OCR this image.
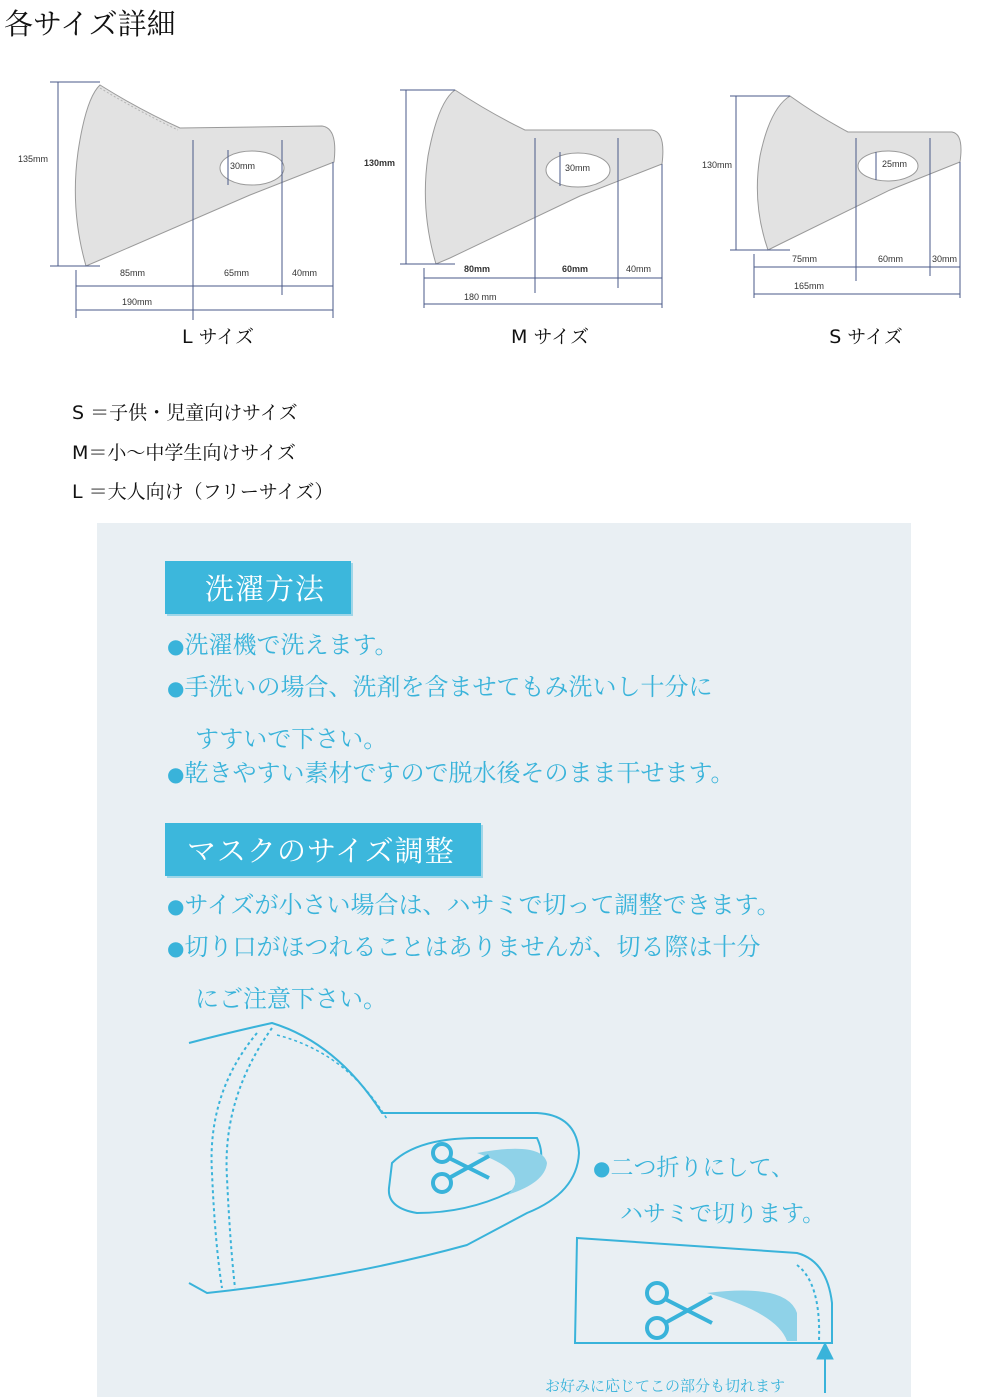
各サイズ詳細
135mm
30mm
85mm	65mm	40mm
190mm
L サイズ
130mm	30mm
80mm	60mm	40mm
180 mm
M サイズ
130mm	25mm
75mm	60mm	30mm
165mm
S サイズ
S ＝子供・児童向けサイズ
M＝小～中学生向けサイズ
L ＝大人向け（フリーサイズ）
洗濯方法
●洗濯機で洗えます。
●手洗いの場合、洗剤を含ませてもみ洗いし十分に
すすいで下さい。
●乾きやすい素材ですので脱水後そのまま干せます。
マスクのサイズ調整
●サイズが小さい場合は、ハサミで切って調整できます。
●切り口がほつれることはありませんが、切る際は十分
にご注意下さい。
●二つ折りにして、
ハサミで切ります。
お好みに応じてこの部分も切れます
